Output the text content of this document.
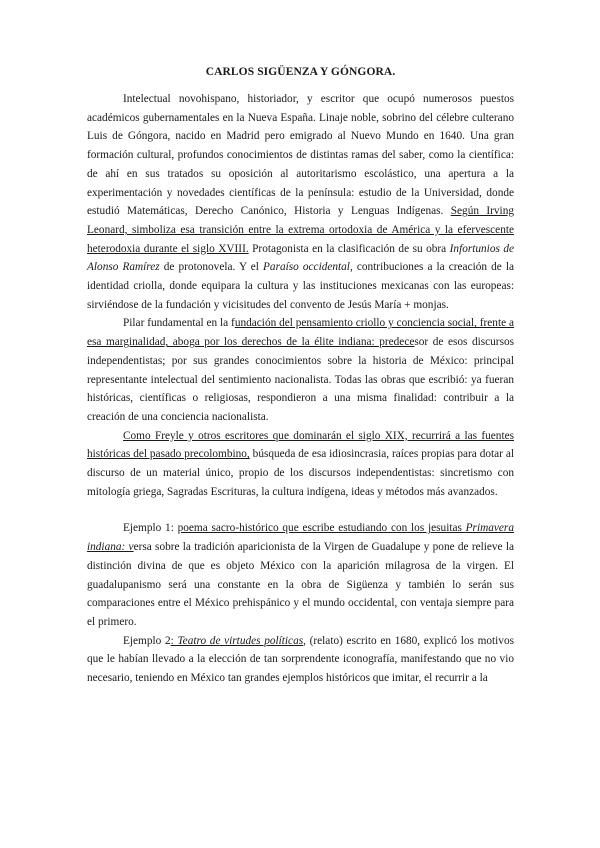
CARLOS SIGÜENZA Y GÓNGORA.

Intelectual novohispano, historiador, y escritor que ocupó numerosos puestos académicos gubernamentales en la Nueva España. Linaje noble, sobrino del célebre culterano Luis de Góngora, nacido en Madrid pero emigrado al Nuevo Mundo en 1640. Una gran formación cultural, profundos conocimientos de distintas ramas del saber, como la científica: de ahí en sus tratados su oposición al autoritarismo escolástico, una apertura a la experimentación y novedades científicas de la península: estudio de la Universidad, donde estudió Matemáticas, Derecho Canónico, Historia y Lenguas Indígenas. Según Irving Leonard, simboliza esa transición entre la extrema ortodoxia de América y la efervescente heterodoxia durante el siglo XVIII. Protagonista en la clasificación de su obra Infortunios de Alonso Ramírez de protonovela. Y el Paraíso occidental, contribuciones a la creación de la identidad criolla, donde equipara la cultura y las instituciones mexicanas con las europeas: sirviéndose de la fundación y vicisitudes del convento de Jesús María + monjas.

Pilar fundamental en la fundación del pensamiento criollo y conciencia social, frente a esa marginalidad, aboga por los derechos de la élite indiana: predecesor de esos discursos independentistas; por sus grandes conocimientos sobre la historia de México: principal representante intelectual del sentimiento nacionalista. Todas las obras que escribió: ya fueran históricas, científicas o religiosas, respondieron a una misma finalidad: contribuir a la creación de una conciencia nacionalista.

Como Freyle y otros escritores que dominarán el siglo XIX, recurrirá a las fuentes históricas del pasado precolombino, búsqueda de esa idiosincrasia, raíces propias para dotar al discurso de un material único, propio de los discursos independentistas: sincretismo con mitología griega, Sagradas Escrituras, la cultura indígena, ideas y métodos más avanzados.

Ejemplo 1: poema sacro-histórico que escribe estudiando con los jesuitas Primavera indiana: versa sobre la tradición aparicionista de la Virgen de Guadalupe y pone de relieve la distinción divina de que es objeto México con la aparición milagrosa de la virgen. El guadalupanismo será una constante en la obra de Sigüenza y también lo serán sus comparaciones entre el México prehispánico y el mundo occidental, con ventaja siempre para el primero.

Ejemplo 2: Teatro de virtudes políticas, (relato) escrito en 1680, explicó los motivos que le habían llevado a la elección de tan sorprendente iconografía, manifestando que no vio necesario, teniendo en México tan grandes ejemplos históricos que imitar, el recurrir a la
